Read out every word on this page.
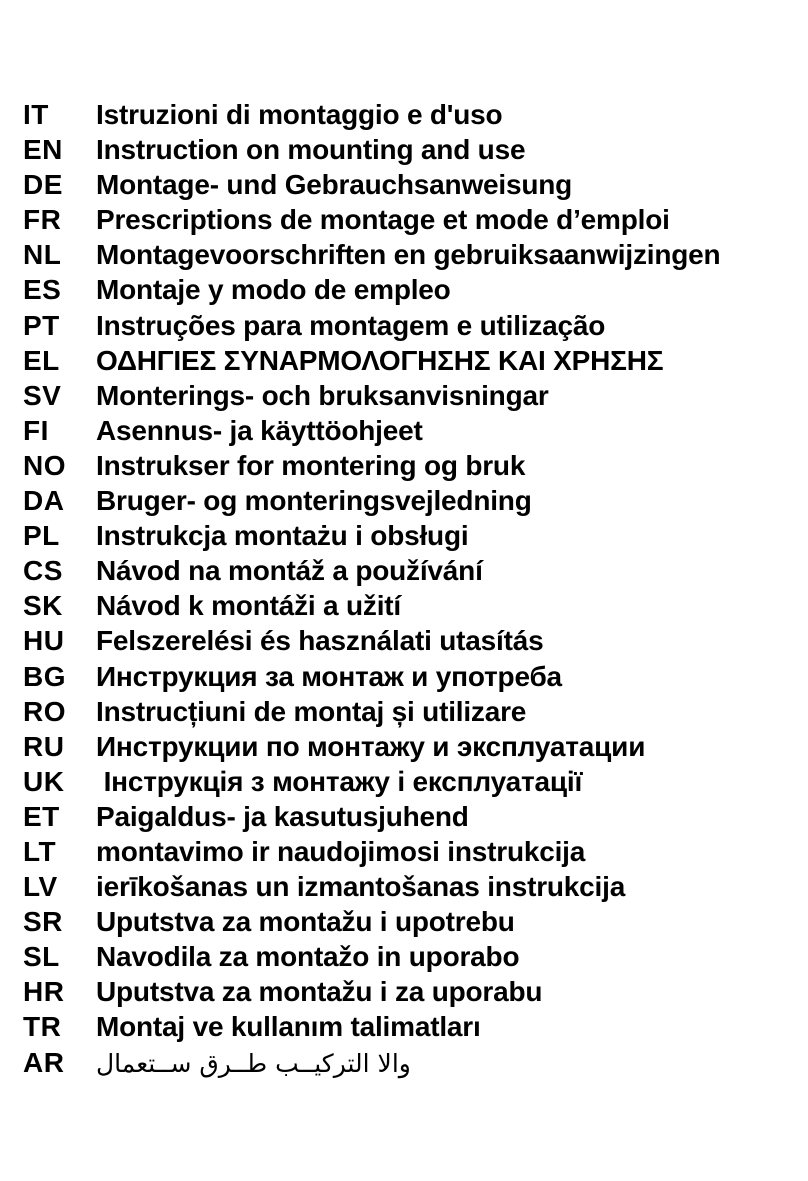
IT	Istruzioni di montaggio e d'uso
EN	Instruction on mounting and use
DE	Montage- und Gebrauchsanweisung
FR	Prescriptions de montage et mode d’emploi
NL	Montagevoorschriften en gebruiksaanwijzingen
ES	Montaje y modo de empleo
PT	Instruções para montagem e utilização
EL	ΟΔΗΓΙΕΣ ΣΥΝΑΡΜΟΛΟΓΗΣΗΣ ΚΑΙ ΧΡΗΣΗΣ
SV	Monterings- och bruksanvisningar
FI	Asennus- ja käyttöohjeet
NO	Instrukser for montering og bruk
DA	Bruger- og monteringsvejledning
PL	Instrukcja montażu i obsługi
CS	Návod na montáž a používání
SK	Návod k montáži a užití
HU	Felszerelési és használati utasítás
BG	Инструкция за монтаж и употреба
RO	Instrucțiuni de montaj și utilizare
RU	Инструкции по монтажу и эксплуатации
UK	Інструкція з монтажу і експлуатації
ET	Paigaldus- ja kasutusjuhend
LT	montavimo ir naudojimosi instrukcija
LV	ierīkošanas un izmantošanas instrukcija
SR	Uputstva za montažu i upotrebu
SL	Navodila za montažo in uporabo
HR	Uputstva za montažu i za uporabu
TR	Montaj ve kullanım talimatları
AR	والا التركيــب طــرق ســتعمال
